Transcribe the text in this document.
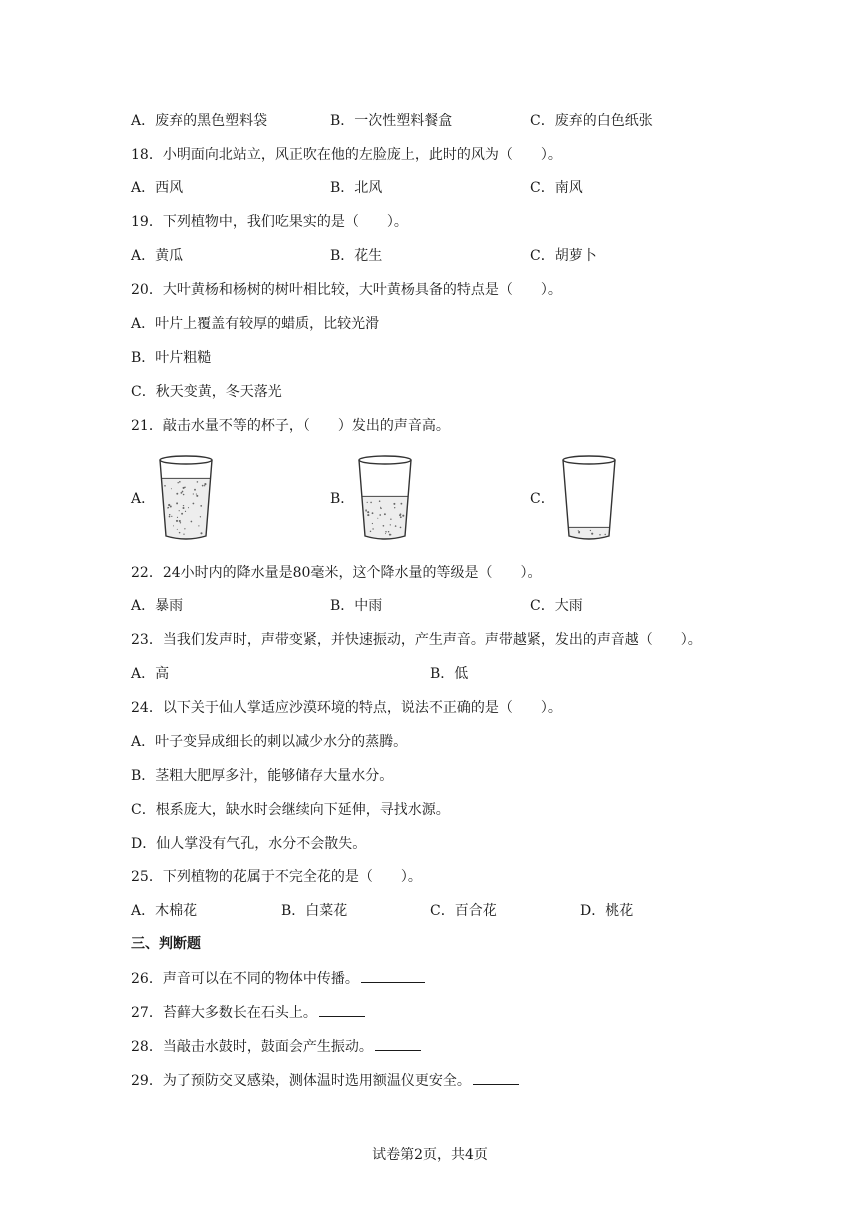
A．废弃的黑色塑料袋	B．一次性塑料餐盒	C．废弃的白色纸张
18．小明面向北站立，风正吹在他的左脸庞上，此时的风为（　　）。
A．西风	B．北风	C．南风
19．下列植物中，我们吃果实的是（　　）。
A．黄瓜	B．花生	C．胡萝卜
20．大叶黄杨和杨树的树叶相比较，大叶黄杨具备的特点是（　　）。
A．叶片上覆盖有较厚的蜡质，比较光滑
B．叶片粗糙
C．秋天变黄，冬天落光
21．敲击水量不等的杯子，（　　）发出的声音高。
A．	B．	C．
22．24小时内的降水量是80毫米，这个降水量的等级是（　　）。
A．暴雨	B．中雨	C．大雨
23．当我们发声时，声带变紧，并快速振动，产生声音。声带越紧，发出的声音越（　　）。
A．高	B．低
24．以下关于仙人掌适应沙漠环境的特点，说法不正确的是（　　）。
A．叶子变异成细长的刺以减少水分的蒸腾。
B．茎粗大肥厚多汁，能够储存大量水分。
C．根系庞大，缺水时会继续向下延伸，寻找水源。
D．仙人掌没有气孔，水分不会散失。
25．下列植物的花属于不完全花的是（　　）。
A．木棉花	B．白菜花	C．百合花	D．桃花
三、判断题
26．声音可以在不同的物体中传播。
27．苔藓大多数长在石头上。
28．当敲击水鼓时，鼓面会产生振动。
29．为了预防交叉感染，测体温时选用额温仪更安全。
试卷第2页，共4页
